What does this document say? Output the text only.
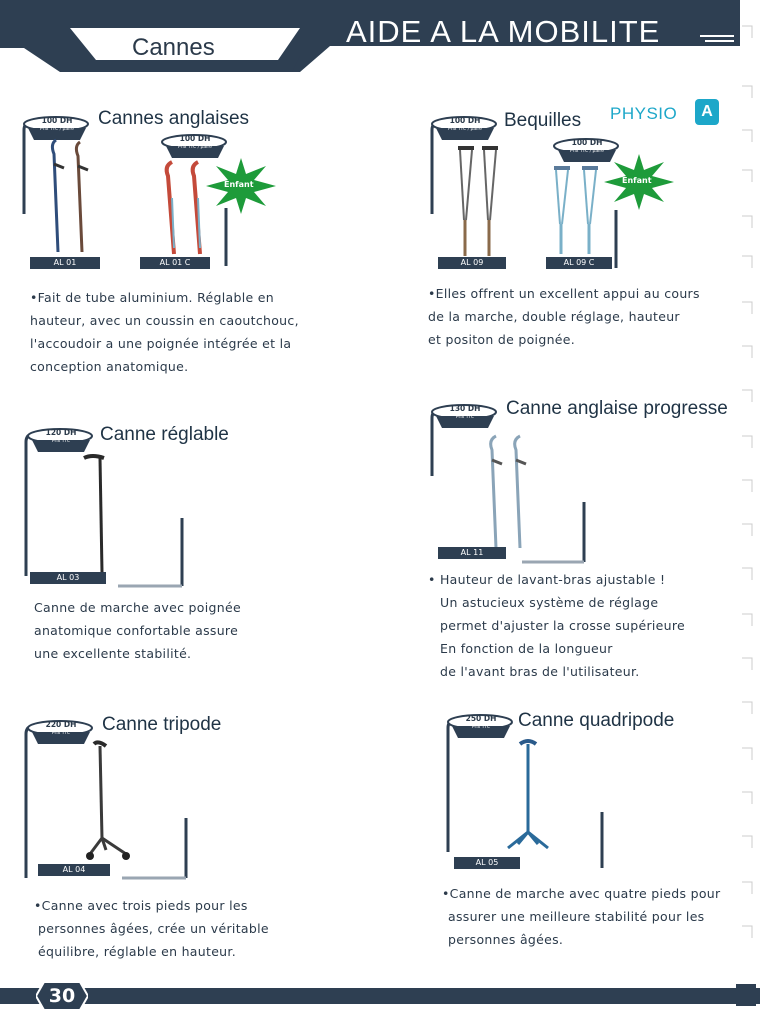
AIDE A LA MOBILITE
Cannes
PHYSIO	A
100 DH
Prix TTC / paire
Cannes anglaises
100 DH
Prix TTC / paire
Enfant
AL 01	AL 01 C
•Fait de tube aluminium. Réglable en
hauteur, avec un coussin en caoutchouc,
l'accoudoir a une poignée intégrée et la
conception anatomique.
100 DH
Prix TTC / paire	Bequilles
100 DH
Prix TTC / paire
Enfant
AL 09	AL 09 C
•Elles offrent un excellent appui au cours
de la marche, double réglage, hauteur
et positon de poignée.
120 DH
Prix TTC	Canne réglable
AL 03
Canne de marche avec poignée
anatomique confortable assure
une excellente stabilité.
130 DH
Prix TTC	Canne anglaise progresse
AL 11
• Hauteur de lavant-bras ajustable !
Un astucieux système de réglage
permet d'ajuster la crosse supérieure
En fonction de la longueur
de l'avant bras de l'utilisateur.
220 DH
Prix TTC	Canne tripode
AL 04
•Canne avec trois pieds pour les
personnes âgées, crée un véritable
équilibre, réglable en hauteur.
250 DH
Prix TTC	Canne quadripode
AL 05
•Canne de marche avec quatre pieds pour
assurer une meilleure stabilité pour les
personnes âgées.
30
